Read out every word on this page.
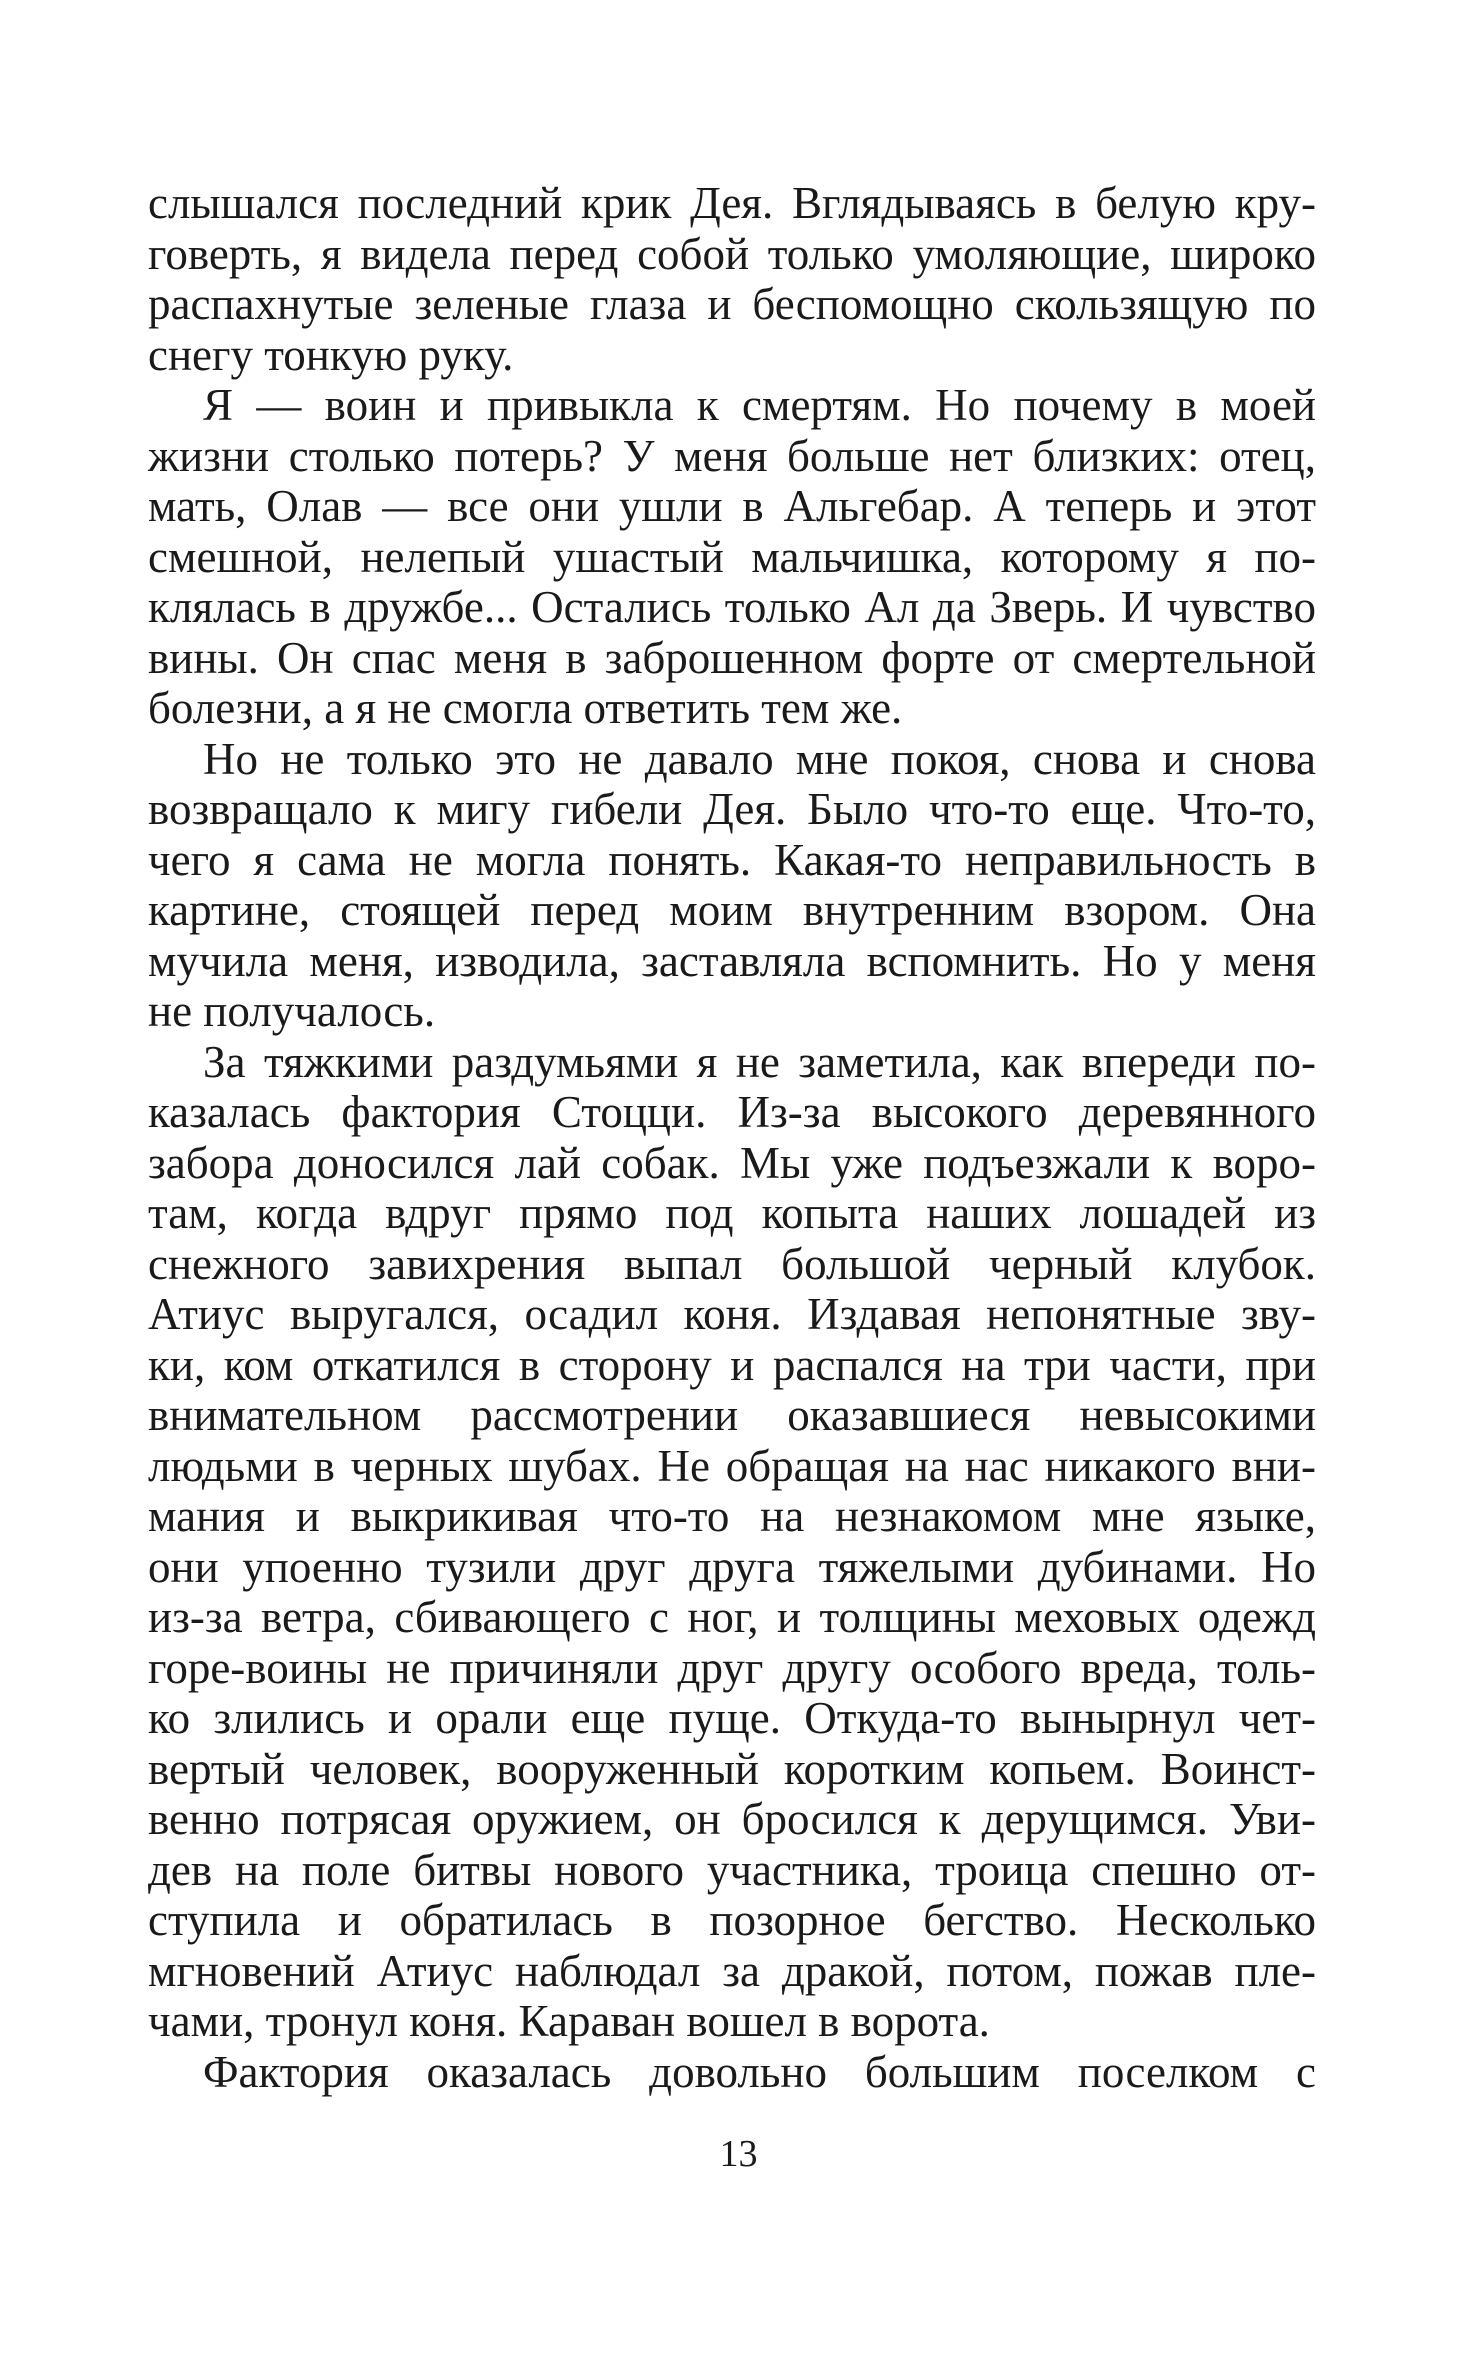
слышался последний крик Дея. Вглядываясь в белую кру-
говерть, я видела перед собой только умоляющие, широко
распахнутые зеленые глаза и беспомощно скользящую по
снегу тонкую руку.
Я — воин и привыкла к смертям. Но почему в моей
жизни столько потерь? У меня больше нет близких: отец,
мать, Олав — все они ушли в Альгебар. А теперь и этот
смешной, нелепый ушастый мальчишка, которому я по-
клялась в дружбе... Остались только Ал да Зверь. И чувство
вины. Он спас меня в заброшенном форте от смертельной
болезни, а я не смогла ответить тем же.
Но не только это не давало мне покоя, снова и снова
возвращало к мигу гибели Дея. Было что-то еще. Что-то,
чего я сама не могла понять. Какая-то неправильность в
картине, стоящей перед моим внутренним взором. Она
мучила меня, изводила, заставляла вспомнить. Но у меня
не получалось.
За тяжкими раздумьями я не заметила, как впереди по-
казалась фактория Стоцци. Из-за высокого деревянного
забора доносился лай собак. Мы уже подъезжали к воро-
там, когда вдруг прямо под копыта наших лошадей из
снежного завихрения выпал большой черный клубок.
Атиус выругался, осадил коня. Издавая непонятные зву-
ки, ком откатился в сторону и распался на три части, при
внимательном рассмотрении оказавшиеся невысокими
людьми в черных шубах. Не обращая на нас никакого вни-
мания и выкрикивая что-то на незнакомом мне языке,
они упоенно тузили друг друга тяжелыми дубинами. Но
из-за ветра, сбивающего с ног, и толщины меховых одежд
горе-воины не причиняли друг другу особого вреда, толь-
ко злились и орали еще пуще. Откуда-то вынырнул чет-
вертый человек, вооруженный коротким копьем. Воинст-
венно потрясая оружием, он бросился к дерущимся. Уви-
дев на поле битвы нового участника, троица спешно от-
ступила и обратилась в позорное бегство. Несколько
мгновений Атиус наблюдал за дракой, потом, пожав пле-
чами, тронул коня. Караван вошел в ворота.
Фактория оказалась довольно большим поселком с
13
